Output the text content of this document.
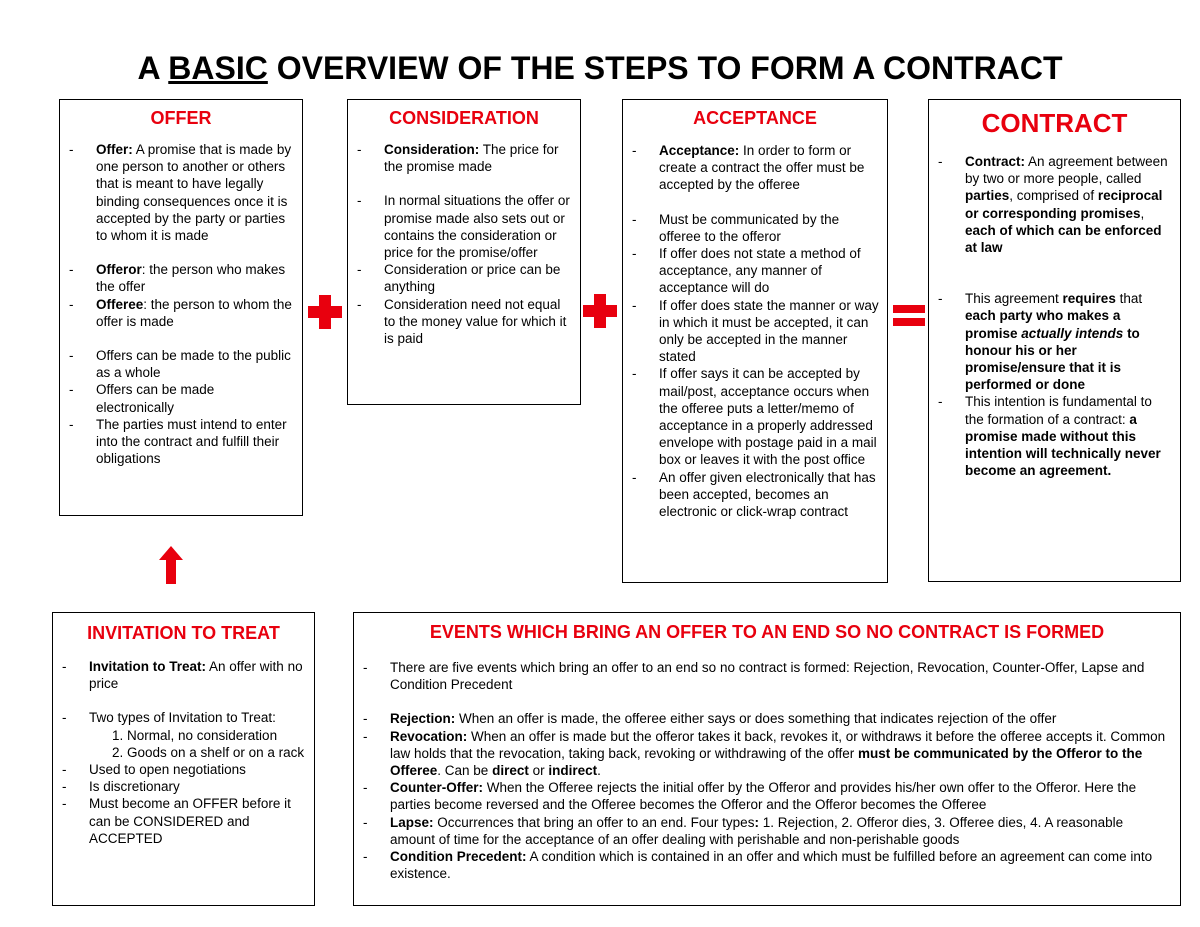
A BASIC OVERVIEW OF THE STEPS TO FORM A CONTRACT
OFFER
- Offer: A promise that is made by one person to another or others that is meant to have legally binding consequences once it is accepted by the party or parties to whom it is made
- Offeror: the person who makes the offer
- Offeree: the person to whom the offer is made
- Offers can be made to the public as a whole
- Offers can be made electronically
- The parties must intend to enter into the contract and fulfill their obligations
CONSIDERATION
- Consideration: The price for the promise made
- In normal situations the offer or promise made also sets out or contains the consideration or price for the promise/offer
- Consideration or price can be anything
- Consideration need not equal to the money value for which it is paid
ACCEPTANCE
- Acceptance: In order to form or create a contract the offer must be accepted by the offeree
- Must be communicated by the offeree to the offeror
- If offer does not state a method of acceptance, any manner of acceptance will do
- If offer does state the manner or way in which it must be accepted, it can only be accepted in the manner stated
- If offer says it can be accepted by mail/post, acceptance occurs when the offeree puts a letter/memo of acceptance in a properly addressed envelope with postage paid in a mail box or leaves it with the post office
- An offer given electronically that has been accepted, becomes an electronic or click-wrap contract
CONTRACT
- Contract: An agreement between by two or more people, called parties, comprised of reciprocal or corresponding promises, each of which can be enforced at law
- This agreement requires that each party who makes a promise actually intends to honour his or her promise/ensure that it is performed or done
- This intention is fundamental to the formation of a contract: a promise made without this intention will technically never become an agreement.
INVITATION TO TREAT
- Invitation to Treat: An offer with no price
- Two types of Invitation to Treat:
1. Normal, no consideration
2. Goods on a shelf or on a rack
- Used to open negotiations
- Is discretionary
- Must become an OFFER before it can be CONSIDERED and ACCEPTED
EVENTS WHICH BRING AN OFFER TO AN END SO NO CONTRACT IS FORMED
- There are five events which bring an offer to an end so no contract is formed: Rejection, Revocation, Counter-Offer, Lapse and Condition Precedent
- Rejection: When an offer is made, the offeree either says or does something that indicates rejection of the offer
- Revocation: When an offer is made but the offeror takes it back, revokes it, or withdraws it before the offeree accepts it. Common law holds that the revocation, taking back, revoking or withdrawing of the offer must be communicated by the Offeror to the Offeree. Can be direct or indirect.
- Counter-Offer: When the Offeree rejects the initial offer by the Offeror and provides his/her own offer to the Offeror. Here the parties become reversed and the Offeree becomes the Offeror and the Offeror becomes the Offeree
- Lapse: Occurrences that bring an offer to an end. Four types: 1. Rejection, 2. Offeror dies, 3. Offeree dies, 4. A reasonable amount of time for the acceptance of an offer dealing with perishable and non-perishable goods
- Condition Precedent: A condition which is contained in an offer and which must be fulfilled before an agreement can come into existence.
